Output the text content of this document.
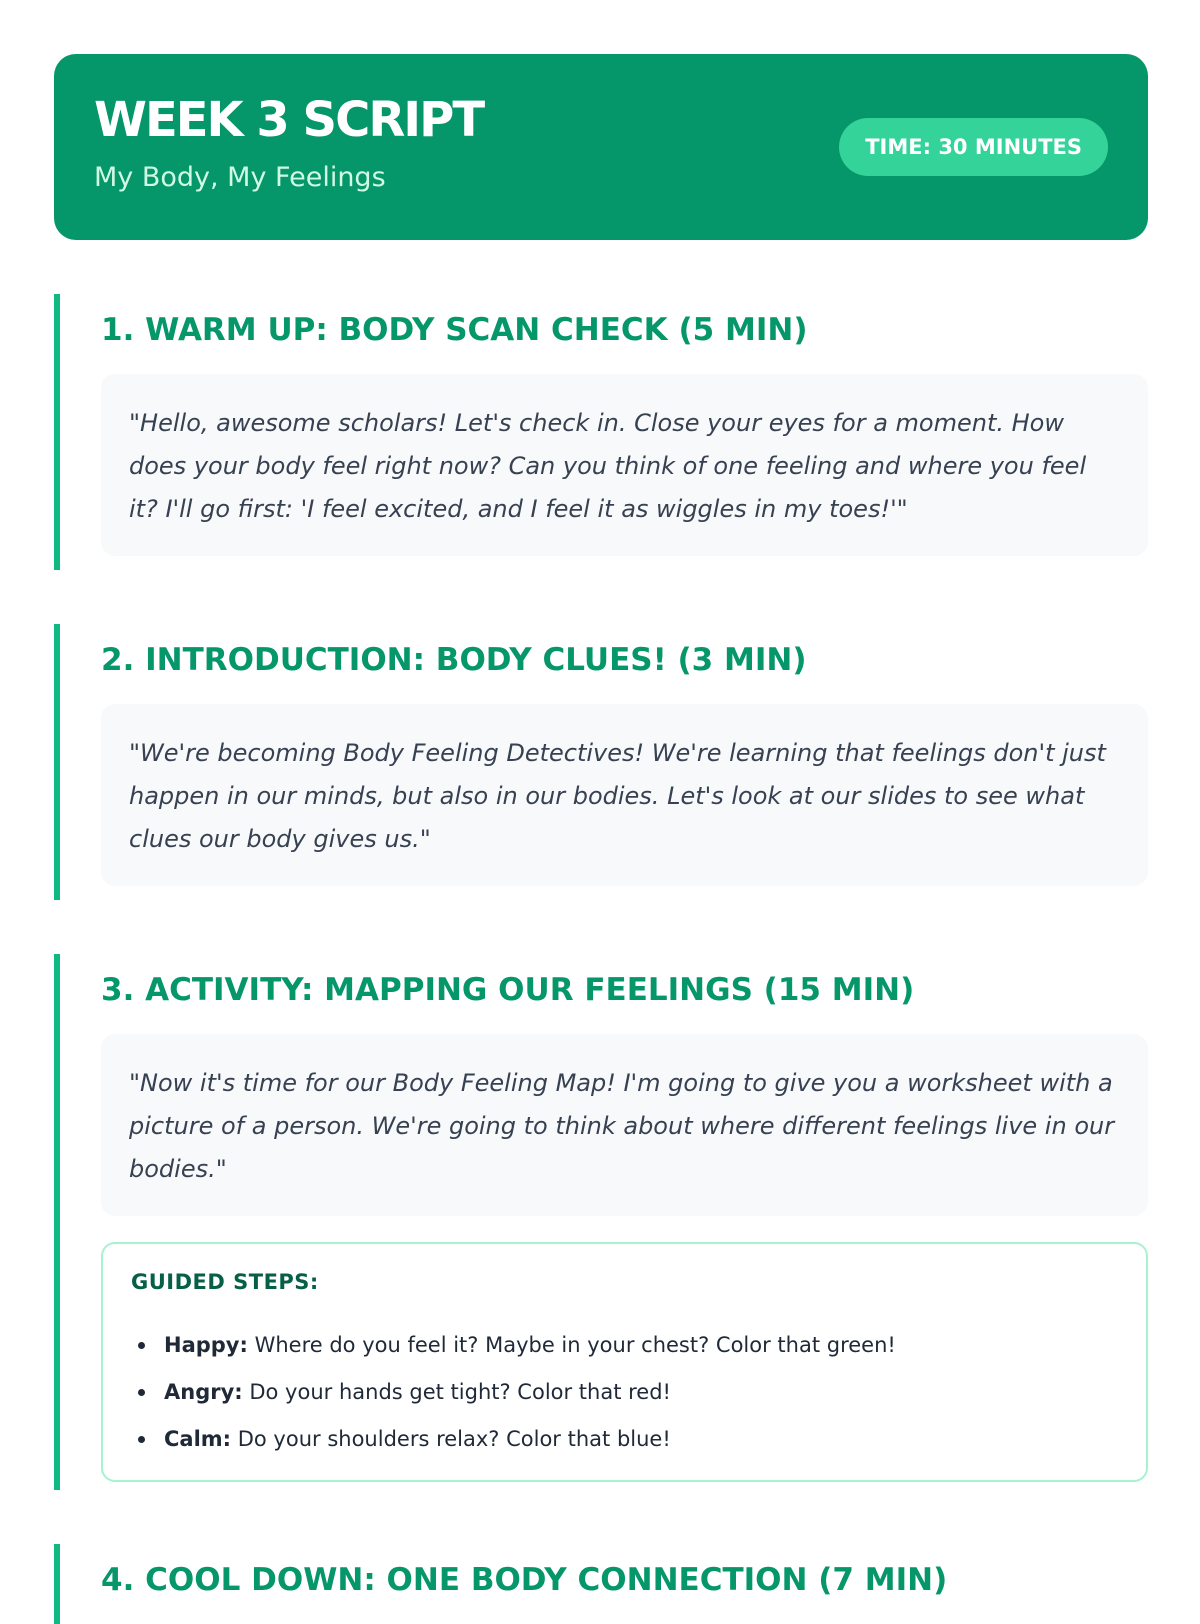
WEEK 3 SCRIPT
My Body, My Feelings
TIME: 30 MINUTES
1. WARM UP: BODY SCAN CHECK (5 MIN)

"Hello, awesome scholars! Let's check in. Close your eyes for a moment. How does your body feel right now? Can you think of one feeling and where you feel it? I'll go first: 'I feel excited, and I feel it as wiggles in my toes!'"

2. INTRODUCTION: BODY CLUES! (3 MIN)

"We're becoming Body Feeling Detectives! We're learning that feelings don't just happen in our minds, but also in our bodies. Let's look at our slides to see what clues our body gives us."

3. ACTIVITY: MAPPING OUR FEELINGS (15 MIN)

"Now it's time for our Body Feeling Map! I'm going to give you a worksheet with a picture of a person. We're going to think about where different feelings live in our bodies."

GUIDED STEPS:
Happy: Where do you feel it? Maybe in your chest? Color that green!
Angry: Do your hands get tight? Color that red!
Calm: Do your shoulders relax? Color that blue!
4. COOL DOWN: ONE BODY CONNECTION (7 MIN)
